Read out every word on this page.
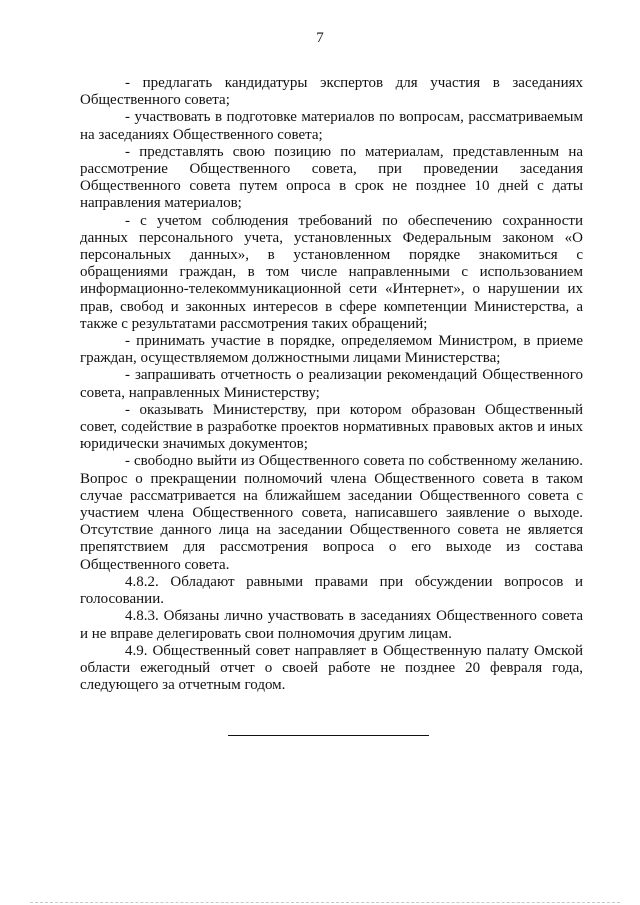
7

- предлагать кандидатуры экспертов для участия в заседаниях Общественного совета;

- участвовать в подготовке материалов по вопросам, рассматриваемым на заседаниях Общественного совета;

- представлять свою позицию по материалам, представленным на рассмотрение Общественного совета, при проведении заседания Общественного совета путем опроса в срок не позднее 10 дней с даты направления материалов;

- с учетом соблюдения требований по обеспечению сохранности данных персонального учета, установленных Федеральным законом «О персональных данных», в установленном порядке знакомиться с обращениями граждан, в том числе направленными с использованием информационно-телекоммуникационной сети «Интернет», о нарушении их прав, свобод и законных интересов в сфере компетенции Министерства, а также с результатами рассмотрения таких обращений;

- принимать участие в порядке, определяемом Министром, в приеме граждан, осуществляемом должностными лицами Министерства;

- запрашивать отчетность о реализации рекомендаций Общественного совета, направленных Министерству;

- оказывать Министерству, при котором образован Общественный совет, содействие в разработке проектов нормативных правовых актов и иных юридически значимых документов;

- свободно выйти из Общественного совета по собственному желанию. Вопрос о прекращении полномочий члена Общественного совета в таком случае рассматривается на ближайшем заседании Общественного совета с участием члена Общественного совета, написавшего заявление о выходе. Отсутствие данного лица на заседании Общественного совета не является препятствием для рассмотрения вопроса о его выходе из состава Общественного совета.

4.8.2. Обладают равными правами при обсуждении вопросов и голосовании.

4.8.3. Обязаны лично участвовать в заседаниях Общественного совета и не вправе делегировать свои полномочия другим лицам.

4.9. Общественный совет направляет в Общественную палату Омской области ежегодный отчет о своей работе не позднее 20 февраля года, следующего за отчетным годом.
